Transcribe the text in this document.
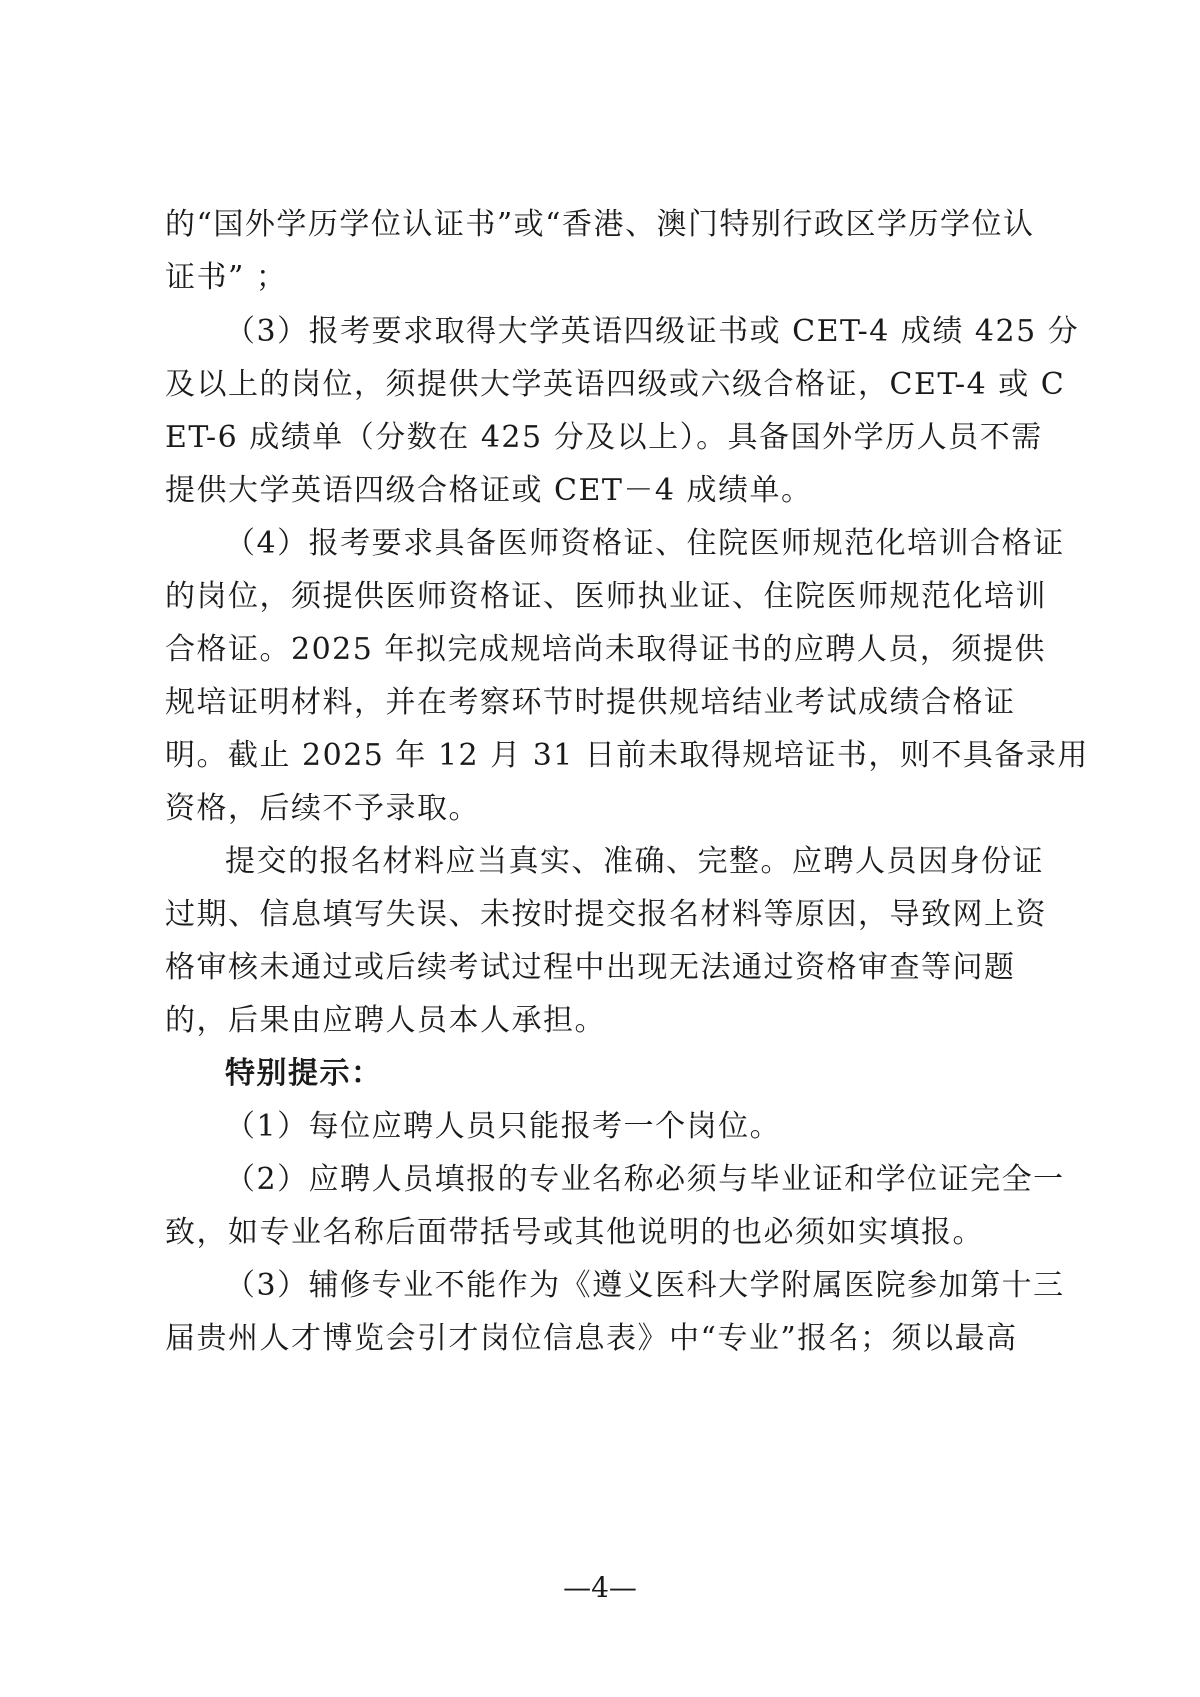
的“国外学历学位认证书”或“香港、澳门特别行政区学历学位认
证书” ；
（3）报考要求取得大学英语四级证书或 CET-4 成绩 425 分
及以上的岗位，须提供大学英语四级或六级合格证，CET-4 或 C
ET-6 成绩单（分数在 425 分及以上）。具备国外学历人员不需
提供大学英语四级合格证或 CET－4 成绩单。
（4）报考要求具备医师资格证、住院医师规范化培训合格证
的岗位，须提供医师资格证、医师执业证、住院医师规范化培训
合格证。2025 年拟完成规培尚未取得证书的应聘人员，须提供
规培证明材料，并在考察环节时提供规培结业考试成绩合格证
明。截止 2025 年 12 月 31 日前未取得规培证书，则不具备录用
资格，后续不予录取。
提交的报名材料应当真实、准确、完整。应聘人员因身份证
过期、信息填写失误、未按时提交报名材料等原因，导致网上资
格审核未通过或后续考试过程中出现无法通过资格审查等问题
的，后果由应聘人员本人承担。
特别提示：
（1）每位应聘人员只能报考一个岗位。
（2）应聘人员填报的专业名称必须与毕业证和学位证完全一
致，如专业名称后面带括号或其他说明的也必须如实填报。
（3）辅修专业不能作为《遵义医科大学附属医院参加第十三
届贵州人才博览会引才岗位信息表》中“专业”报名；须以最高
—4—
